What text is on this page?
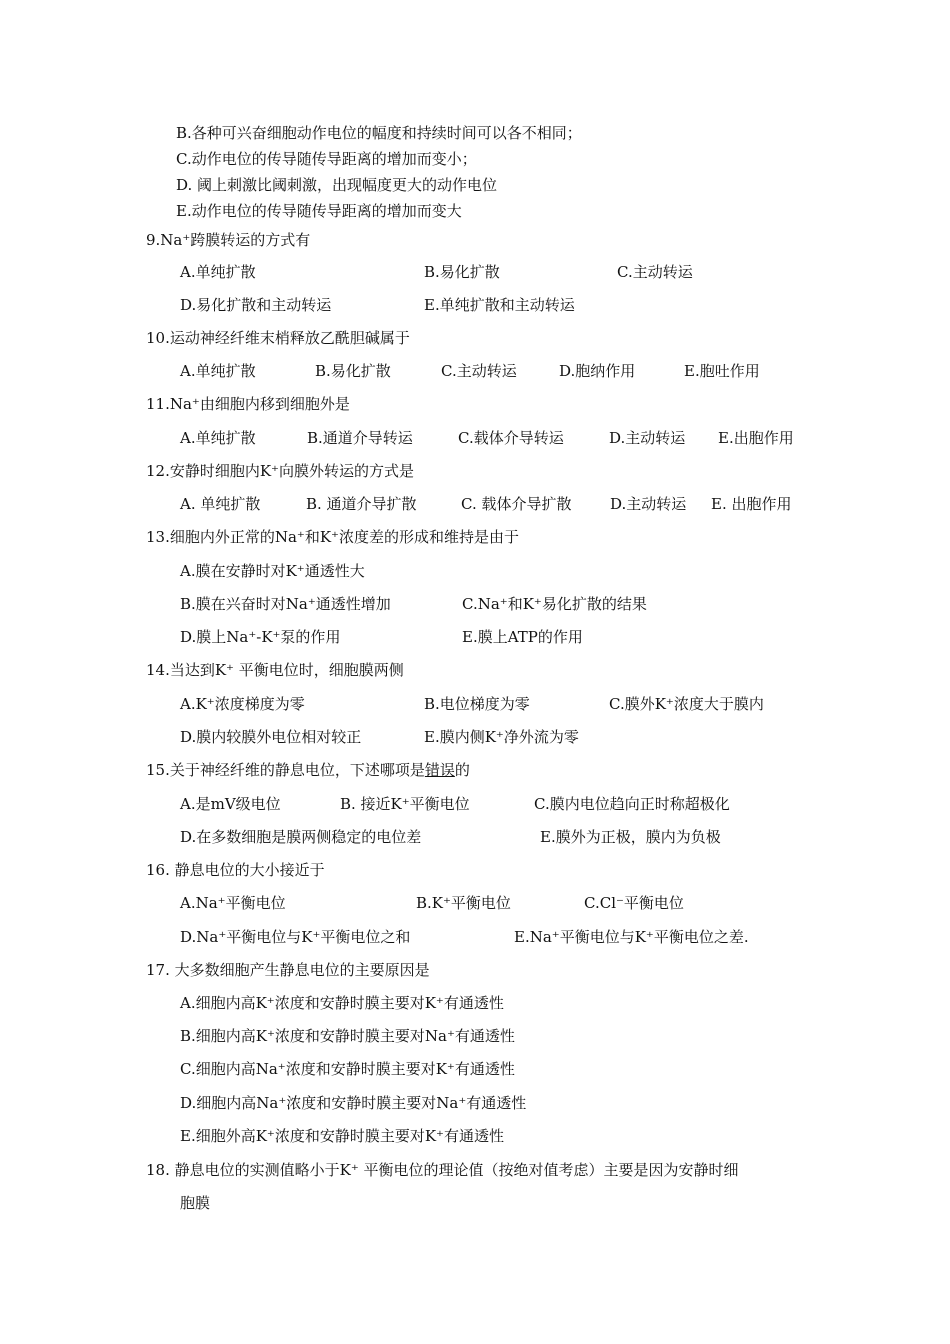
B.各种可兴奋细胞动作电位的幅度和持续时间可以各不相同；
C.动作电位的传导随传导距离的增加而变小；
D. 阈上刺激比阈刺激，出现幅度更大的动作电位
E.动作电位的传导随传导距离的增加而变大
9.Na⁺跨膜转运的方式有
A.单纯扩散	B.易化扩散	C.主动转运
D.易化扩散和主动转运	E.单纯扩散和主动转运
10.运动神经纤维末梢释放乙酰胆碱属于
A.单纯扩散	B.易化扩散	C.主动转运	D.胞纳作用	E.胞吐作用
11.Na⁺由细胞内移到细胞外是
A.单纯扩散	B.通道介导转运	C.载体介导转运	D.主动转运 E.出胞作用
12.安静时细胞内K⁺向膜外转运的方式是
A. 单纯扩散	B. 通道介导扩散	C. 载体介导扩散	D.主动转运 E. 出胞作用
13.细胞内外正常的Na⁺和K⁺浓度差的形成和维持是由于
A.膜在安静时对K⁺通透性大
B.膜在兴奋时对Na⁺通透性增加	C.Na⁺和K⁺易化扩散的结果
D.膜上Na⁺-K⁺泵的作用	E.膜上ATP的作用
14.当达到K⁺ 平衡电位时，细胞膜两侧
A.K⁺浓度梯度为零	B.电位梯度为零	C.膜外K⁺浓度大于膜内
D.膜内较膜外电位相对较正	E.膜内侧K⁺净外流为零
15.关于神经纤维的静息电位，下述哪项是错误的
A.是mV级电位	B. 接近K⁺平衡电位	C.膜内电位趋向正时称超极化
D.在多数细胞是膜两侧稳定的电位差	E.膜外为正极，膜内为负极
16. 静息电位的大小接近于
A.Na⁺平衡电位	B.K⁺平衡电位	C.Cl⁻平衡电位
D.Na⁺平衡电位与K⁺平衡电位之和	E.Na⁺平衡电位与K⁺平衡电位之差.
17. 大多数细胞产生静息电位的主要原因是
A.细胞内高K⁺浓度和安静时膜主要对K⁺有通透性
B.细胞内高K⁺浓度和安静时膜主要对Na⁺有通透性
C.细胞内高Na⁺浓度和安静时膜主要对K⁺有通透性
D.细胞内高Na⁺浓度和安静时膜主要对Na⁺有通透性
E.细胞外高K⁺浓度和安静时膜主要对K⁺有通透性
18. 静息电位的实测值略小于K⁺ 平衡电位的理论值（按绝对值考虑）主要是因为安静时细
胞膜
